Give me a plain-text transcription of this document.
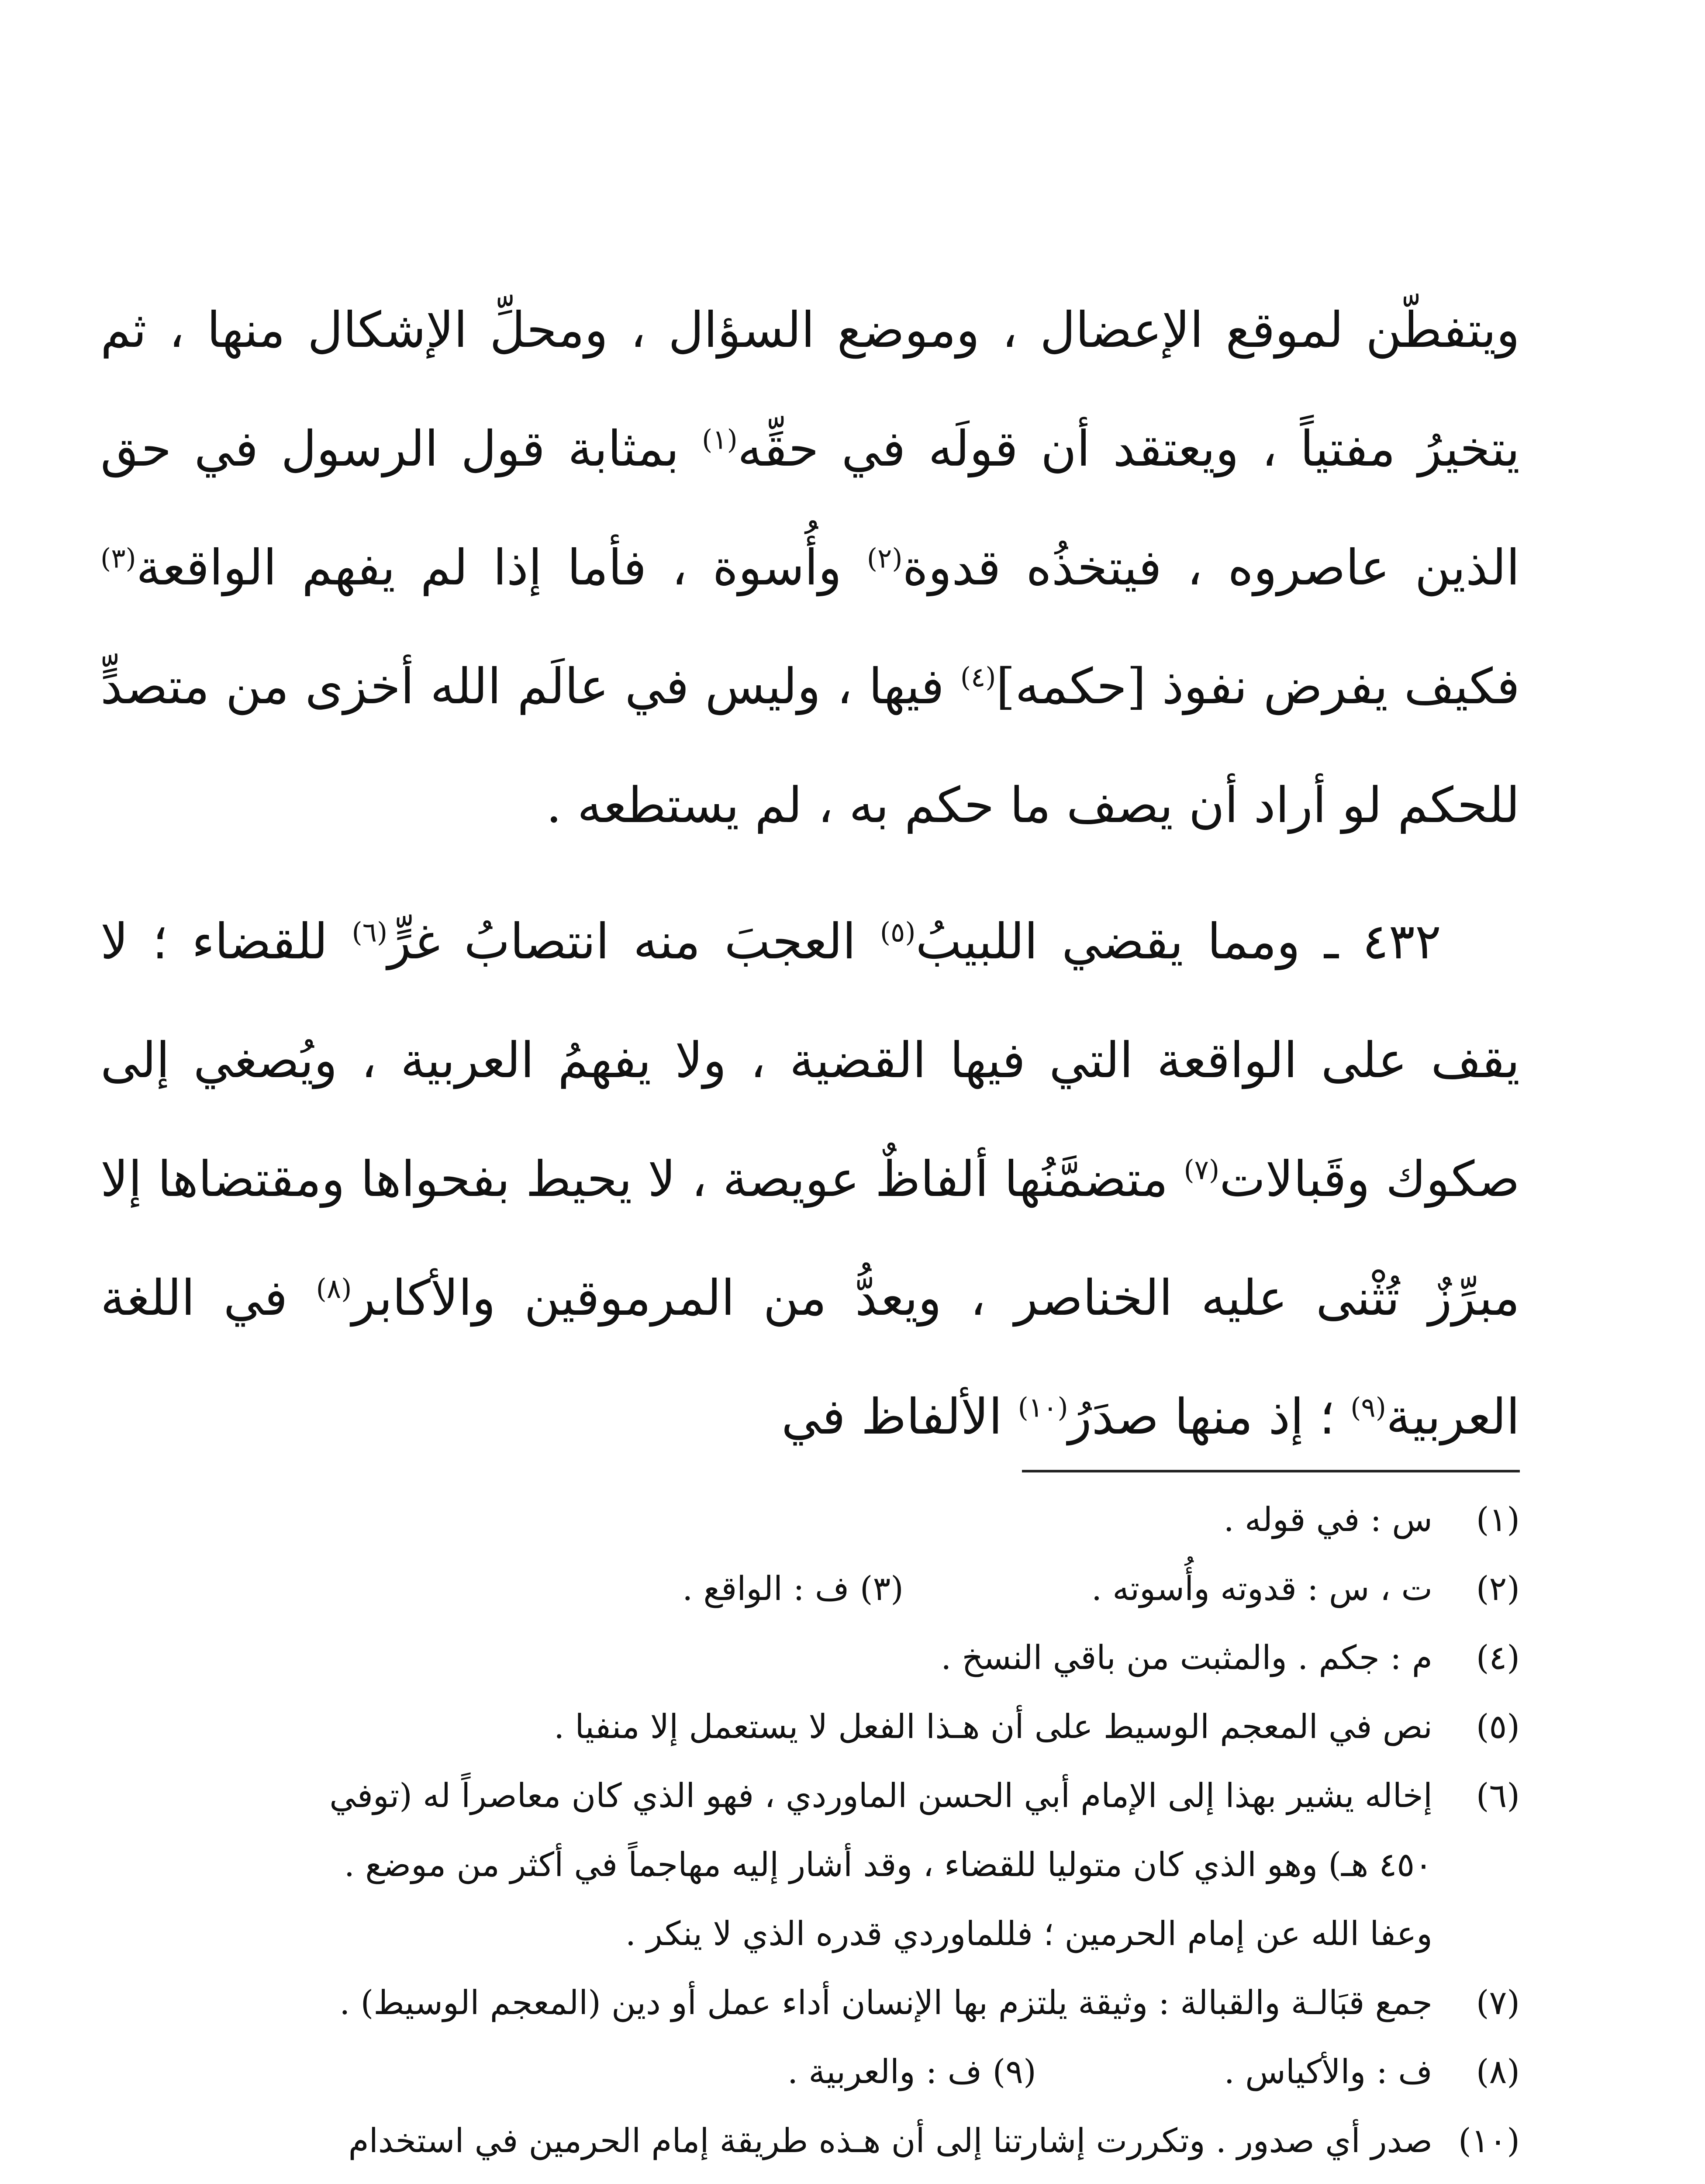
ويتفطّن لموقع الإعضال ، وموضع السؤال ، ومحلِّ الإشكال منها ، ثم يتخيرُ مفتياً ، ويعتقد أن قولَه في حقِّه$^{(١)}$ بمثابة قول الرسول في حق الذين عاصروه ، فيتخذُه قدوة$^{(٢)}$ وأُسوة ، فأما إذا لم يفهم الواقعة$^{(٣)}$ فكيف يفرض نفوذ [حكمه]$^{(٤)}$ فيها ، وليس في عالَم الله أخزى من متصدٍّ للحكم لو أراد أن يصف ما حكم به ، لم يستطعه .

٤٣٢ ـ ومما يقضي اللبيبُ$^{(٥)}$ العجبَ منه انتصابُ غرٍّ$^{(٦)}$ للقضاء ؛ لا يقف على الواقعة التي فيها القضية ، ولا يفهمُ العربية ، ويُصغي إلى صكوك وقَبالات$^{(٧)}$ متضمَّنُها ألفاظٌ عويصة ، لا يحيط بفحواها ومقتضاها إلا مبرِّزٌ تُثْنى عليه الخناصر ، ويعدُّ من المرموقين والأكابر$^{(٨)}$ في اللغة العربية$^{(٩)}$ ؛ إذ منها صدَرُ$^{(١٠)}$ الألفاظ في

(١)
س : في قوله .
(٢)
ت ، س : قدوته وأُسوته .(٣) ف : الواقع .
(٤)
م : جكم . والمثبت من باقي النسخ .
(٥)
نص في المعجم الوسيط على أن هـذا الفعل لا يستعمل إلا منفيا .
(٦)
إخاله يشير بهذا إلى الإمام أبي الحسن الماوردي ، فهو الذي كان معاصراً له (توفي
٤٥٠ هـ) وهو الذي كان متوليا للقضاء ، وقد أشار إليه مهاجماً في أكثر من موضع .
وعفا الله عن إمام الحرمين ؛ فللماوردي قدره الذي لا ينكر .
(٧)
جمع قبَالـة والقبالة : وثيقة يلتزم بها الإنسان أداء عمل أو دين (المعجم الوسيط) .
(٨)
ف : والأكياس .(٩) ف : والعربية .
(١٠)
صدر أي صدور . وتكررت إشارتنا إلى أن هـذه طريقة إمام الحرمين في استخدام
